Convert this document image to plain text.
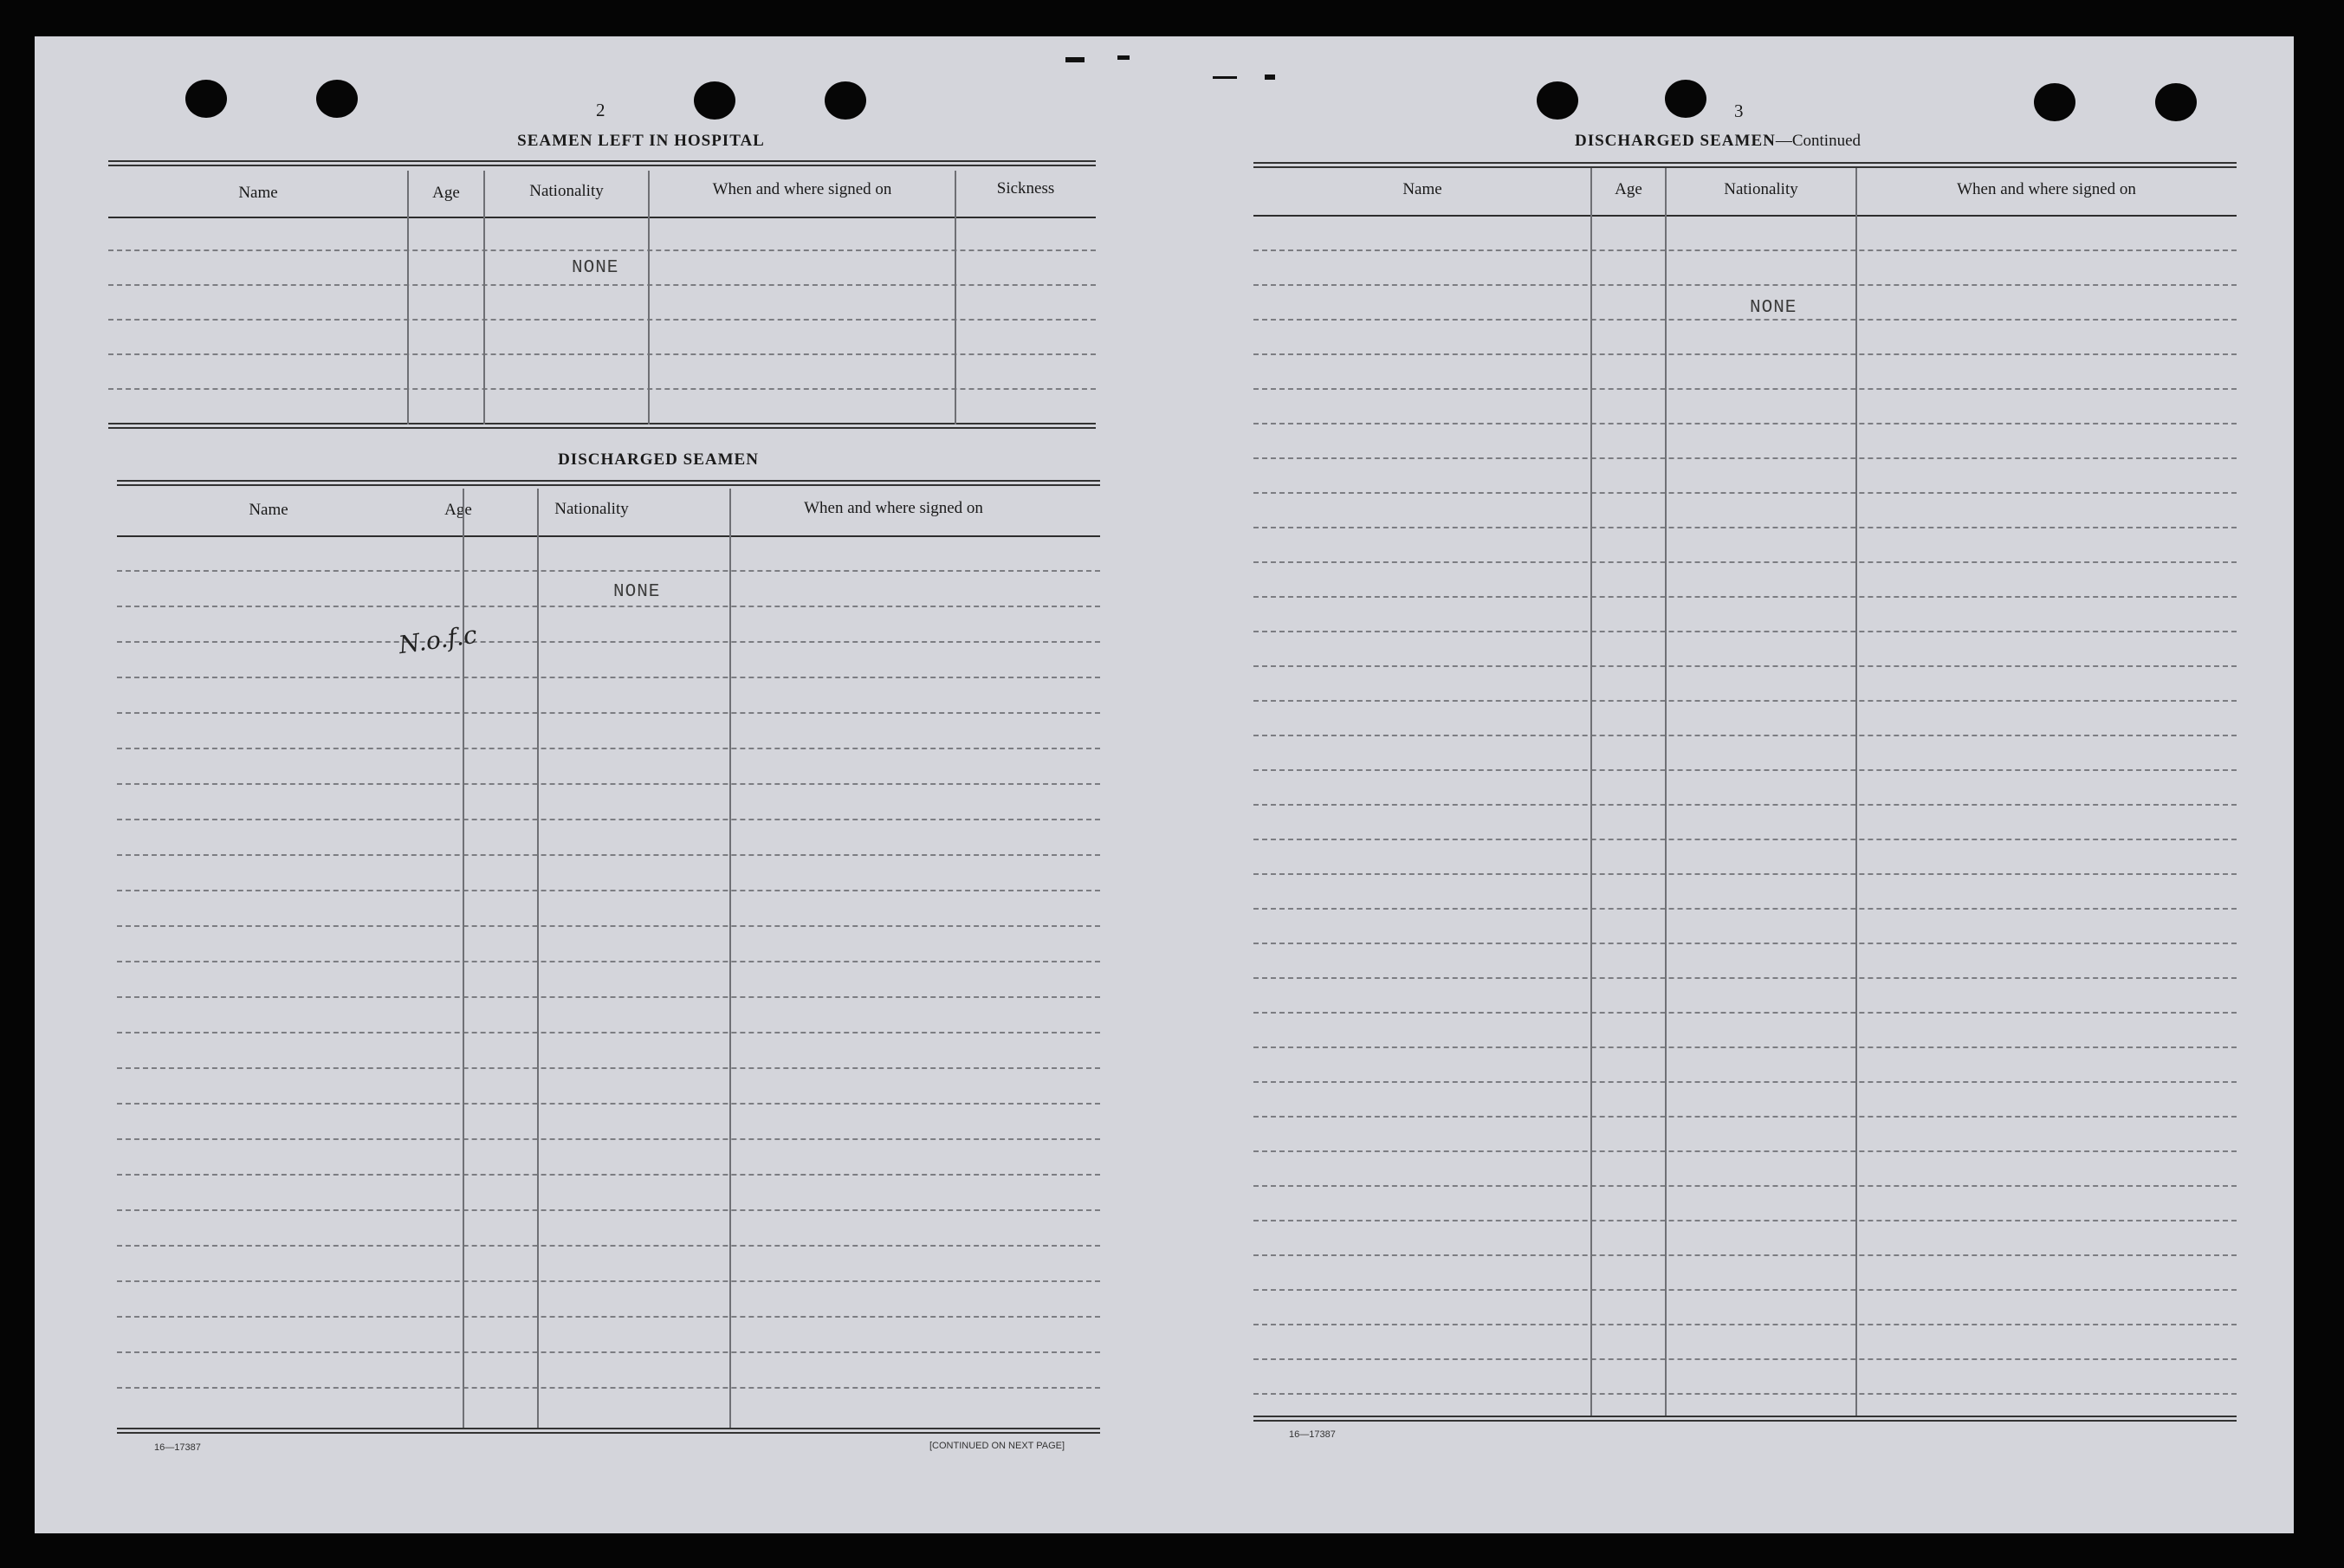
2
SEAMEN LEFT IN HOSPITAL
Name	Age	Nationality	When and where signed on	Sickness
NONE
DISCHARGED SEAMEN
Name	Age	Nationality	When and where signed on
NONE
N.o.f.c
16—17387	[CONTINUED ON NEXT PAGE]
3
DISCHARGED SEAMEN—Continued
Name	Age	Nationality	When and where signed on
NONE
16—17387
